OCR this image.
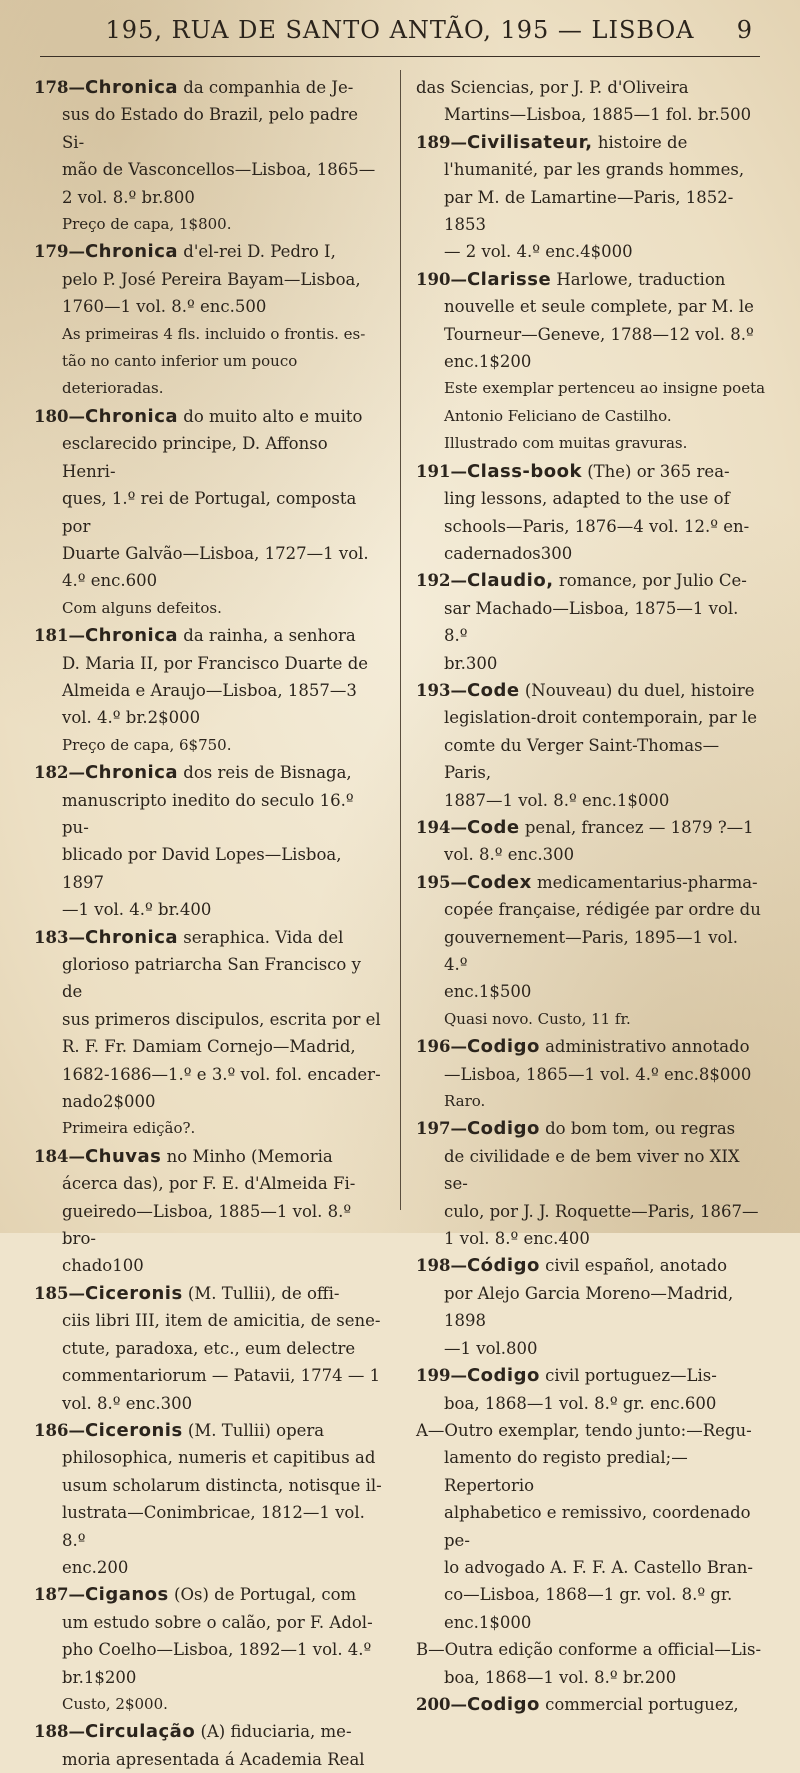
195, RUA DE SANTO ANTÃO, 195 — LISBOA	9
178—Chronica da companhia de Je-
sus do Estado do Brazil, pelo padre Si-
mão de Vasconcellos—Lisboa, 1865—
2 vol. 8.º br.800
Preço de capa, 1$800.
179—Chronica d'el-rei D. Pedro I,
pelo P. José Pereira Bayam—Lisboa,
1760—1 vol. 8.º enc.500
As primeiras 4 fls. incluido o frontis. es-
tão no canto inferior um pouco deterioradas.
180—Chronica do muito alto e muito
esclarecido principe, D. Affonso Henri-
ques, 1.º rei de Portugal, composta por
Duarte Galvão—Lisboa, 1727—1 vol.
4.º enc.600
Com alguns defeitos.
181—Chronica da rainha, a senhora
D. Maria II, por Francisco Duarte de
Almeida e Araujo—Lisboa, 1857—3
vol. 4.º br.2$000
Preço de capa, 6$750.
182—Chronica dos reis de Bisnaga,
manuscripto inedito do seculo 16.º pu-
blicado por David Lopes—Lisboa, 1897
—1 vol. 4.º br.400
183—Chronica seraphica. Vida del
glorioso patriarcha San Francisco y de
sus primeros discipulos, escrita por el
R. F. Fr. Damiam Cornejo—Madrid,
1682-1686—1.º e 3.º vol. fol. encader-
nado2$000
Primeira edição?.
184—Chuvas no Minho (Memoria
ácerca das), por F. E. d'Almeida Fi-
gueiredo—Lisboa, 1885—1 vol. 8.º bro-
chado100
185—Ciceronis (M. Tullii), de offi-
ciis libri III, item de amicitia, de sene-
ctute, paradoxa, etc., eum delectre
commentariorum — Patavii, 1774 — 1
vol. 8.º enc.300
186—Ciceronis (M. Tullii) opera
philosophica, numeris et capitibus ad
usum scholarum distincta, notisque il-
lustrata—Conimbricae, 1812—1 vol. 8.º
enc.200
187—Ciganos (Os) de Portugal, com
um estudo sobre o calão, por F. Adol-
pho Coelho—Lisboa, 1892—1 vol. 4.º
br.1$200
Custo, 2$000.
188—Circulação (A) fiduciaria, me-
moria apresentada á Academia Real
das Sciencias, por J. P. d'Oliveira
Martins—Lisboa, 1885—1 fol. br.500
189—Civilisateur, histoire de
l'humanité, par les grands hommes,
par M. de Lamartine—Paris, 1852-1853
— 2 vol. 4.º enc.4$000
190—Clarisse Harlowe, traduction
nouvelle et seule complete, par M. le
Tourneur—Geneve, 1788—12 vol. 8.º
enc.1$200
Este exemplar pertenceu ao insigne poeta
Antonio Feliciano de Castilho.
Illustrado com muitas gravuras.
191—Class-book (The) or 365 rea-
ling lessons, adapted to the use of
schools—Paris, 1876—4 vol. 12.º en-
cadernados300
192—Claudio, romance, por Julio Ce-
sar Machado—Lisboa, 1875—1 vol. 8.º
br.300
193—Code (Nouveau) du duel, histoire
legislation-droit contemporain, par le
comte du Verger Saint-Thomas—Paris,
1887—1 vol. 8.º enc.1$000
194—Code penal, francez — 1879 ?—1
vol. 8.º enc.300
195—Codex medicamentarius-pharma-
copée française, rédigée par ordre du
gouvernement—Paris, 1895—1 vol. 4.º
enc.1$500
Quasi novo. Custo, 11 fr.
196—Codigo administrativo annotado
—Lisboa, 1865—1 vol. 4.º enc.8$000
Raro.
197—Codigo do bom tom, ou regras
de civilidade e de bem viver no XIX se-
culo, por J. J. Roquette—Paris, 1867—
1 vol. 8.º enc.400
198—Código civil español, anotado
por Alejo Garcia Moreno—Madrid, 1898
—1 vol.800
199—Codigo civil portuguez—Lis-
boa, 1868—1 vol. 8.º gr. enc.600
A—Outro exemplar, tendo junto:—Regu-
lamento do registo predial;—Repertorio
alphabetico e remissivo, coordenado pe-
lo advogado A. F. F. A. Castello Bran-
co—Lisboa, 1868—1 gr. vol. 8.º gr.
enc.1$000
B—Outra edição conforme a official—Lis-
boa, 1868—1 vol. 8.º br.200
200—Codigo commercial portuguez,
